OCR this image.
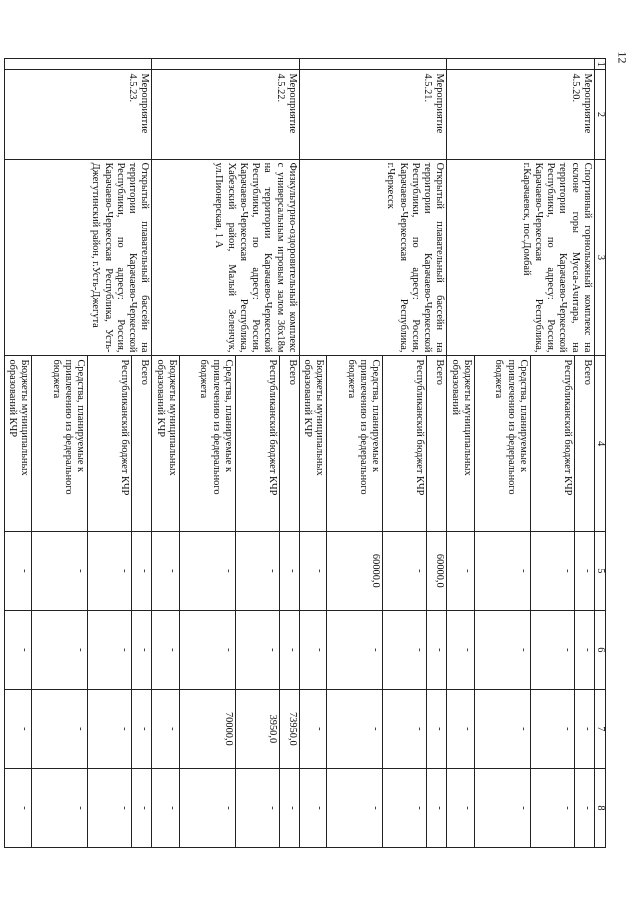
12
1	2	3	4	5	6	7	8
	Мероприятие 4.5.20.	Спортивный горнолыжный комплекс на склоне горы Мусса-Ачитара, на территории Карачаево-Черкесской Республики, по адресу: Россия, Карачаево-Черкесская Республика, г.Карачаевск, пос.Домбай	Всего	-	-	-	-
			Республиканский бюджет КЧР	-	-	-	-
			Средства, планируемые к привлечению из федерального бюджета	-	-	-	-
			Бюджеты муниципальных образований	-	-	-	-
	Мероприятие 4.5.21.	Открытый плавательный бассейн на территории Карачаево-Черкесской Республики, по адресу: Россия, Карачаево-Черкесская Республика, г.Черкесск	Всего	60000,0	-	-	-
			Республиканский бюджет КЧР	-	-	-	-
			Средства, планируемые к привлечению из федерального бюджета	60000,0	-	-	-
			Бюджеты муниципальных образований КЧР	-	-	-	-
	Мероприятие 4.5.22.	Физкультурно-оздоровительный комплекс с универсальным игровым залом 36х18м на территории Карачаево-Черкесской Республики, по адресу: Россия, Карачаево-Черкесская Республика, Хабезский район, Малый Зеленчук, ул.Пионерская, 1 А	Всего	-	-	73950,0	-
			Республиканский бюджет КЧР	-	-	3950,0	-
			Средства, планируемые к привлечению из федерального бюджета	-	-	70000,0	-
			Бюджеты муниципальных образований КЧР	-	-	-	-
	Мероприятие 4.5.23.	Открытый плавательный бассейн на территории Карачаево-Черкесской Республики, по адресу: Россия, Карачаево-Черкесская Республика, Усть-Джегутинский район, г.Усть-Джегута	Всего	-	-	-	-
			Республиканский бюджет КЧР	-	-	-	-
			Средства, планируемые к привлечению из федерального бюджета	-	-	-	-
			Бюджеты муниципальных образований КЧР	-	-	-	-
